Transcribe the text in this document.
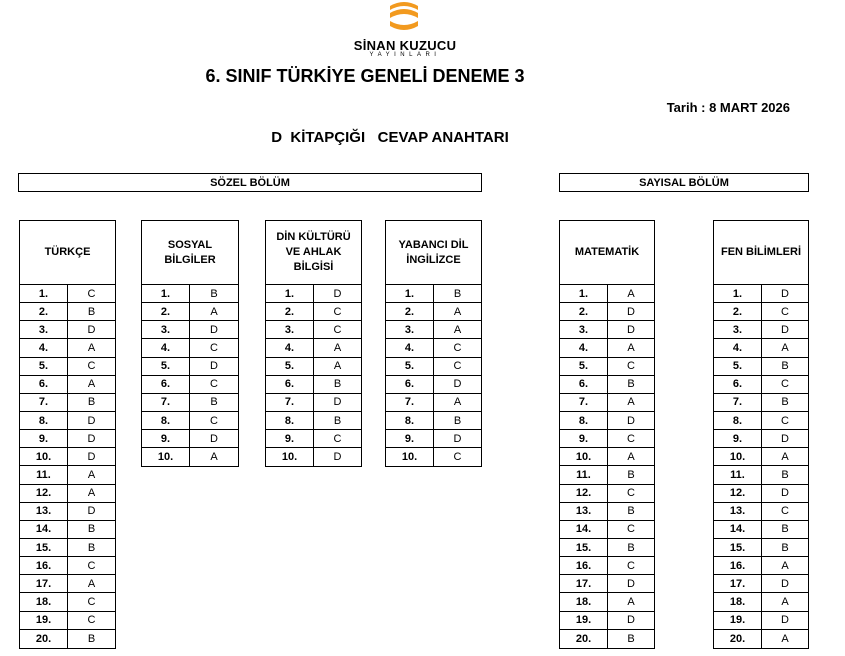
SİNAN KUZUCU
YAYINLARI
6. SINIF TÜRKİYE GENELİ DENEME 3
Tarih : 8 MART 2026
D  KİTAPÇIĞI   CEVAP ANAHTARI
SÖZEL BÖLÜM	SAYISAL BÖLÜM
TÜRKÇE
1.	C
2.	B
3.	D
4.	A
5.	C
6.	A
7.	B
8.	D
9.	D
10.	D
11.	A
12.	A
13.	D
14.	B
15.	B
16.	C
17.	A
18.	C
19.	C
20.	B
SOSYAL BİLGİLER
1.	B
2.	A
3.	D
4.	C
5.	D
6.	C
7.	B
8.	C
9.	D
10.	A
DİN KÜLTÜRÜ VE AHLAK BİLGİSİ
1.	D
2.	C
3.	C
4.	A
5.	A
6.	B
7.	D
8.	B
9.	C
10.	D
YABANCI DİL İNGİLİZCE
1.	B
2.	A
3.	A
4.	C
5.	C
6.	D
7.	A
8.	B
9.	D
10.	C
MATEMATİK
1.	A
2.	D
3.	D
4.	A
5.	C
6.	B
7.	A
8.	D
9.	C
10.	A
11.	B
12.	C
13.	B
14.	C
15.	B
16.	C
17.	D
18.	A
19.	D
20.	B
FEN BİLİMLERİ
1.	D
2.	C
3.	D
4.	A
5.	B
6.	C
7.	B
8.	C
9.	D
10.	A
11.	B
12.	D
13.	C
14.	B
15.	B
16.	A
17.	D
18.	A
19.	D
20.	A
